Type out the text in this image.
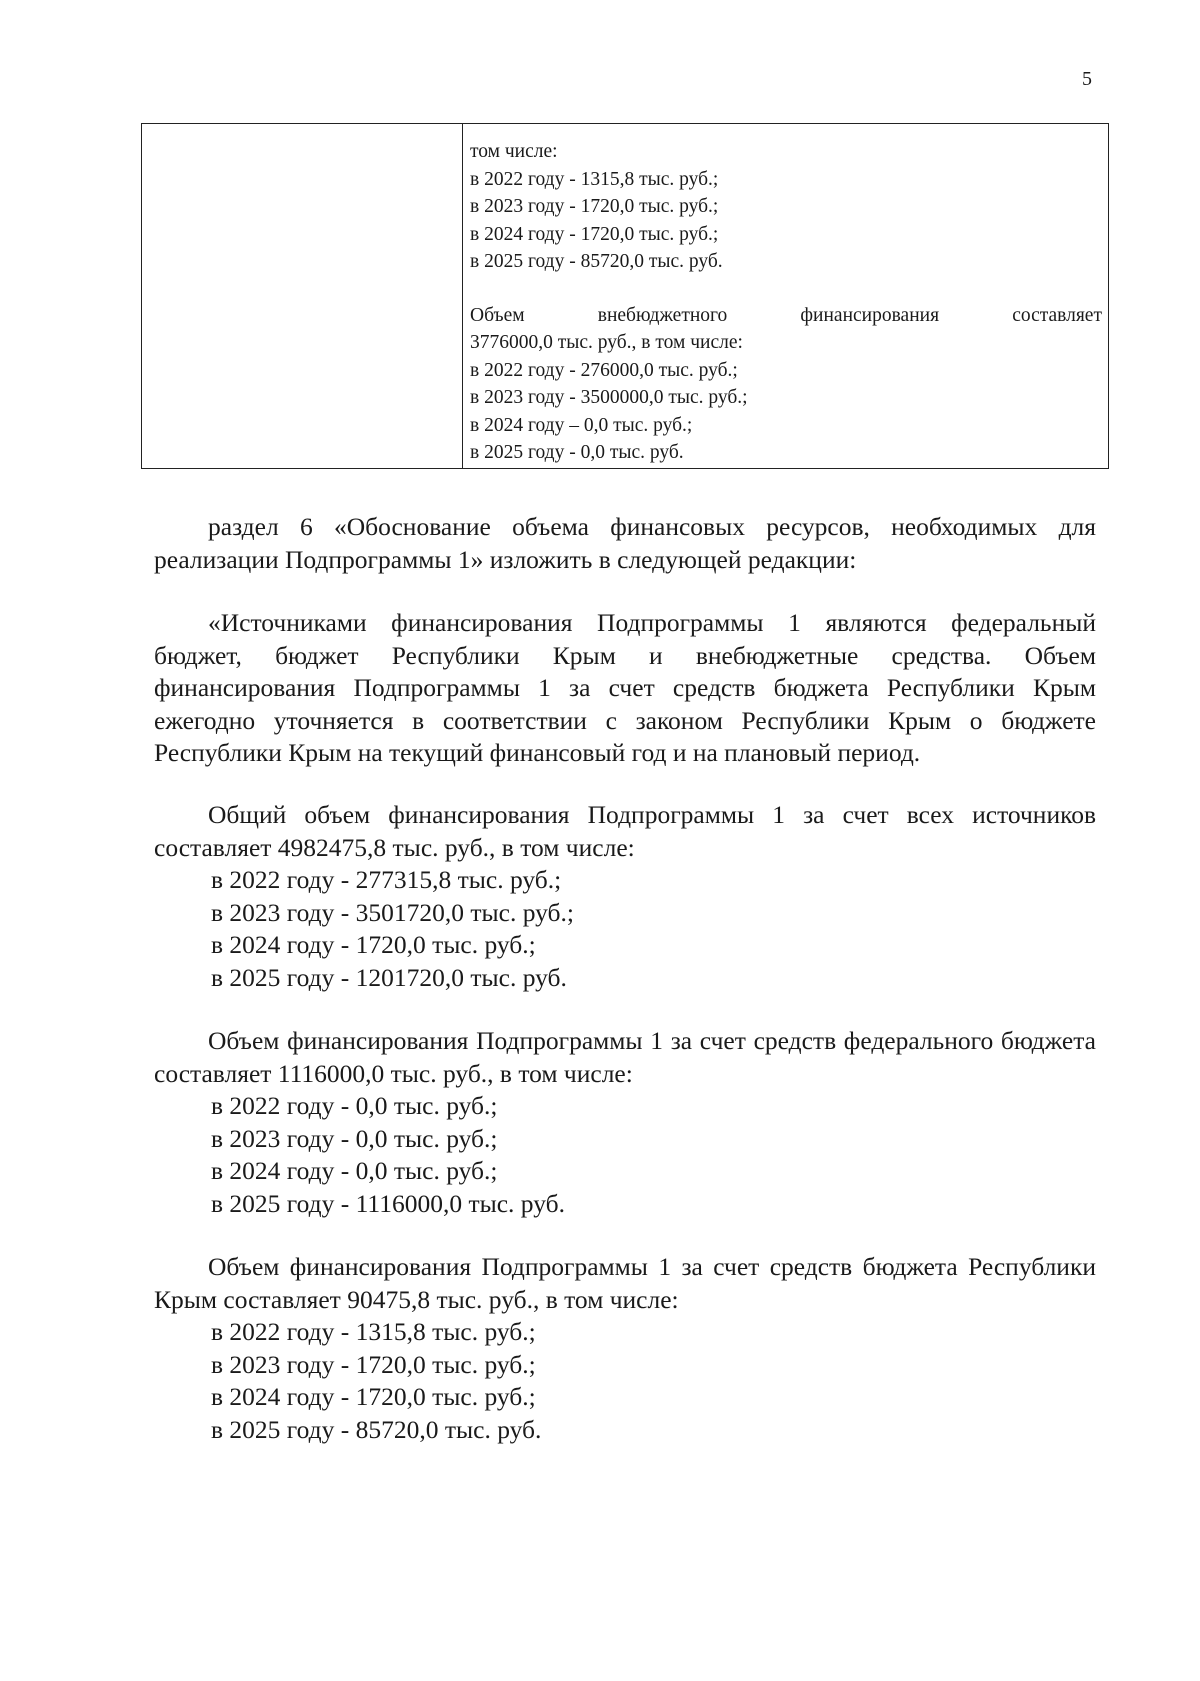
5

том числе:
в 2022 году - 1315,8 тыс. руб.;
в 2023 году - 1720,0 тыс. руб.;
в 2024 году - 1720,0 тыс. руб.;
в 2025 году - 85720,0 тыс. руб.
Объем	внебюджетного	финансирования	составляет
3776000,0 тыс. руб., в том числе:
в 2022 году - 276000,0 тыс. руб.;
в 2023 году - 3500000,0 тыс. руб.;
в 2024 году – 0,0 тыс. руб.;
в 2025 году - 0,0 тыс. руб.

раздел 6 «Обоснование объема финансовых ресурсов, необходимых для реализации Подпрограммы 1» изложить в следующей редакции:

«Источниками финансирования Подпрограммы 1 являются федеральный бюджет, бюджет Республики Крым и внебюджетные средства. Объем финансирования Подпрограммы 1 за счет средств бюджета Республики Крым ежегодно уточняется в соответствии с законом Республики Крым о бюджете Республики Крым на текущий финансовый год и на плановый период.

Общий объем финансирования Подпрограммы 1 за счет всех источников составляет 4982475,8 тыс. руб., в том числе:

в 2022 году - 277315,8 тыс. руб.;
в 2023 году - 3501720,0 тыс. руб.;
в 2024 году - 1720,0 тыс. руб.;
в 2025 году - 1201720,0 тыс. руб.

Объем финансирования Подпрограммы 1 за счет средств федерального бюджета составляет 1116000,0 тыс. руб., в том числе:

в 2022 году - 0,0 тыс. руб.;
в 2023 году - 0,0 тыс. руб.;
в 2024 году - 0,0 тыс. руб.;
в 2025 году - 1116000,0 тыс. руб.

Объем финансирования Подпрограммы 1 за счет средств бюджета Республики Крым составляет 90475,8 тыс. руб., в том числе:

в 2022 году - 1315,8 тыс. руб.;
в 2023 году - 1720,0 тыс. руб.;
в 2024 году - 1720,0 тыс. руб.;
в 2025 году - 85720,0 тыс. руб.
